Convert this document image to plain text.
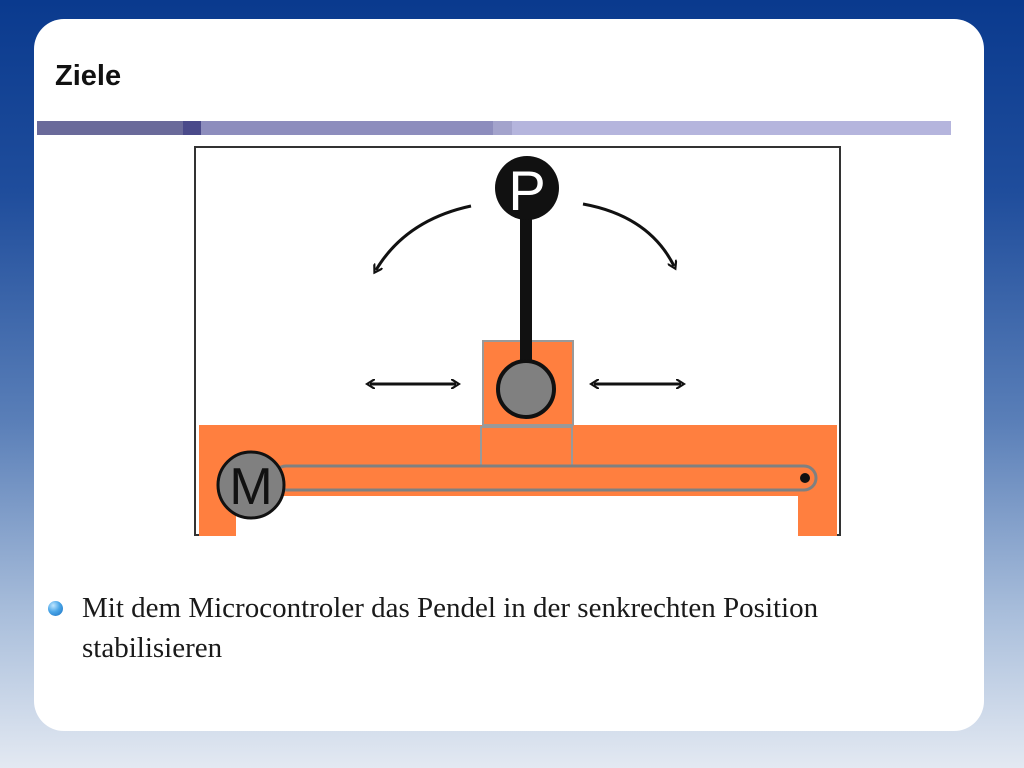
Ziele
M
P
Mit dem Microcontroler das Pendel in der senkrechten Position stabilisieren
